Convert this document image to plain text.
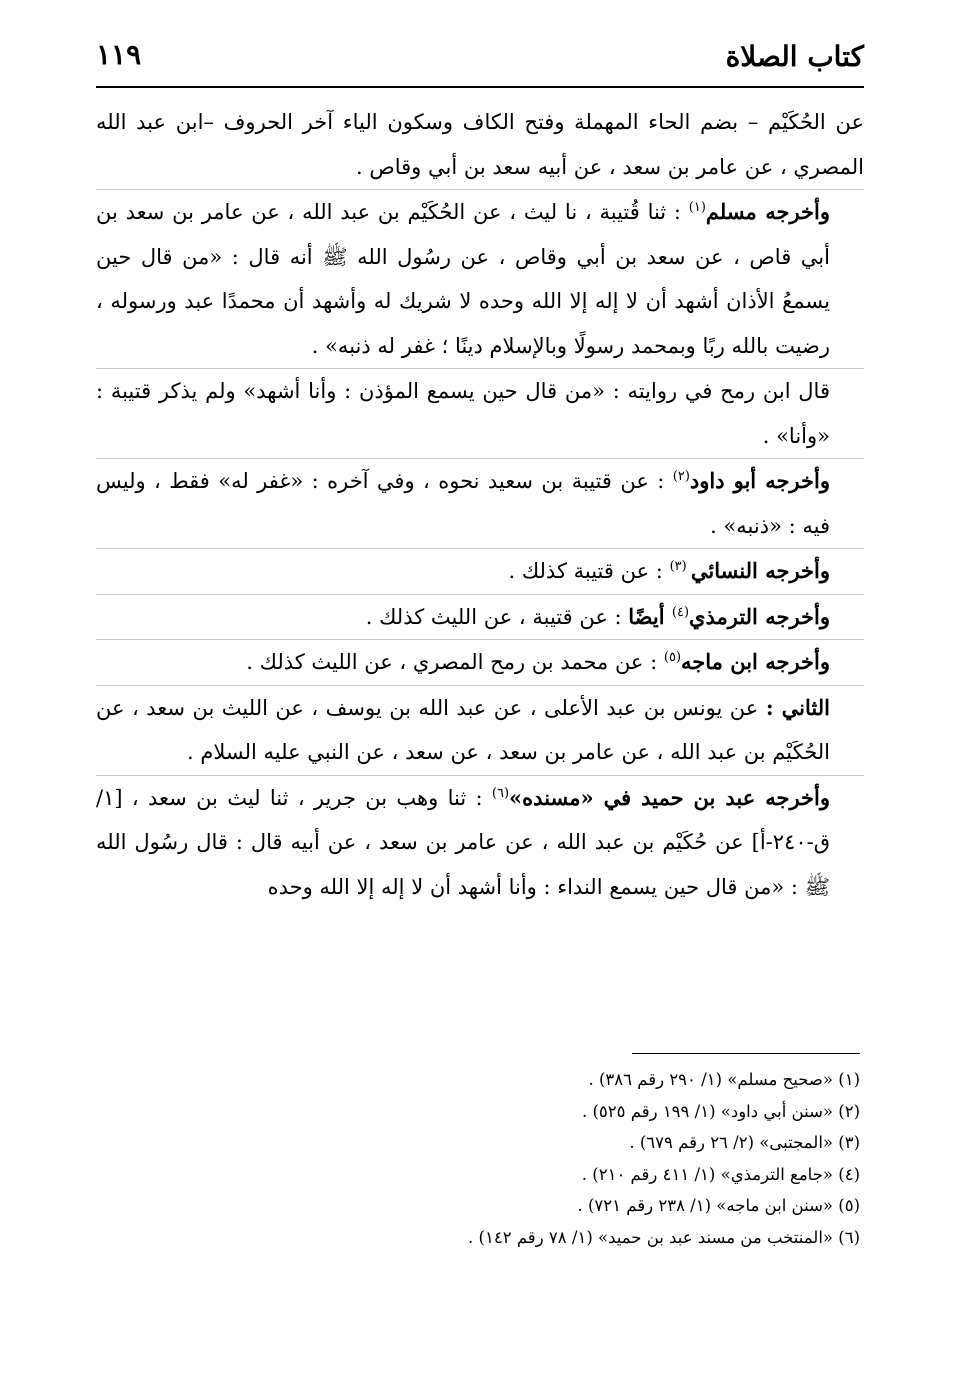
١١٩	كتاب الصلاة

عن الحُكَيْم – بضم الحاء المهملة وفتح الكاف وسكون الياء آخر الحروف –ابن عبد الله المصري ، عن عامر بن سعد ، عن أبيه سعد بن أبي وقاص .

وأخرجه مسلم$^{(١)}$ : ثنا قُتيبة ، نا ليث ، عن الحُكَيْم بن عبد الله ، عن عامر بن سعد بن أبي قاص ، عن سعد بن أبي وقاص ، عن رسُول الله ﷺ أنه قال : «من قال حين يسمعُ الأذان أشهد أن لا إله إلا الله وحده لا شريك له وأشهد أن محمدًا عبد ورسوله ، رضيت بالله ربًا وبمحمد رسولًا وبالإسلام دينًا ؛ غفر له ذنبه» .

قال ابن رمح في روايته : «من قال حين يسمع المؤذن : وأنا أشهد» ولم يذكر قتيبة : «وأنا» .

وأخرجه أبو داود$^{(٢)}$ : عن قتيبة بن سعيد نحوه ، وفي آخره : «غفر له» فقط ، وليس فيه : «ذنبه» .

وأخرجه النسائي $^{(٣)}$ : عن قتيبة كذلك .

وأخرجه الترمذي$^{(٤)}$ أيضًا : عن قتيبة ، عن الليث كذلك .

وأخرجه ابن ماجه$^{(٥)}$ : عن محمد بن رمح المصري ، عن الليث كذلك .

الثاني : عن يونس بن عبد الأعلى ، عن عبد الله بن يوسف ، عن الليث بن سعد ، عن الحُكَيْم بن عبد الله ، عن عامر بن سعد ، عن سعد ، عن النبي عليه السلام .

وأخرجه عبد بن حميد في «مسنده»$^{(٦)}$ : ثنا وهب بن جرير ، ثنا ليث بن سعد ، [١/ق-٢٤٠-أ] عن حُكَيْم بن عبد الله ، عن عامر بن سعد ، عن أبيه قال : قال رسُول الله ﷺ : «من قال حين يسمع النداء : وأنا أشهد أن لا إله إلا الله وحده

(١) «صحيح مسلم» (١/ ٢٩٠ رقم ٣٨٦) .

(٢) «سنن أبي داود» (١/ ١٩٩ رقم ٥٢٥) .

(٣) «المجتبى» (٢/ ٢٦ رقم ٦٧٩) .

(٤) «جامع الترمذي» (١/ ٤١١ رقم ٢١٠) .

(٥) «سنن ابن ماجه» (١/ ٢٣٨ رقم ٧٢١) .

(٦) «المنتخب من مسند عبد بن حميد» (١/ ٧٨ رقم ١٤٢) .
